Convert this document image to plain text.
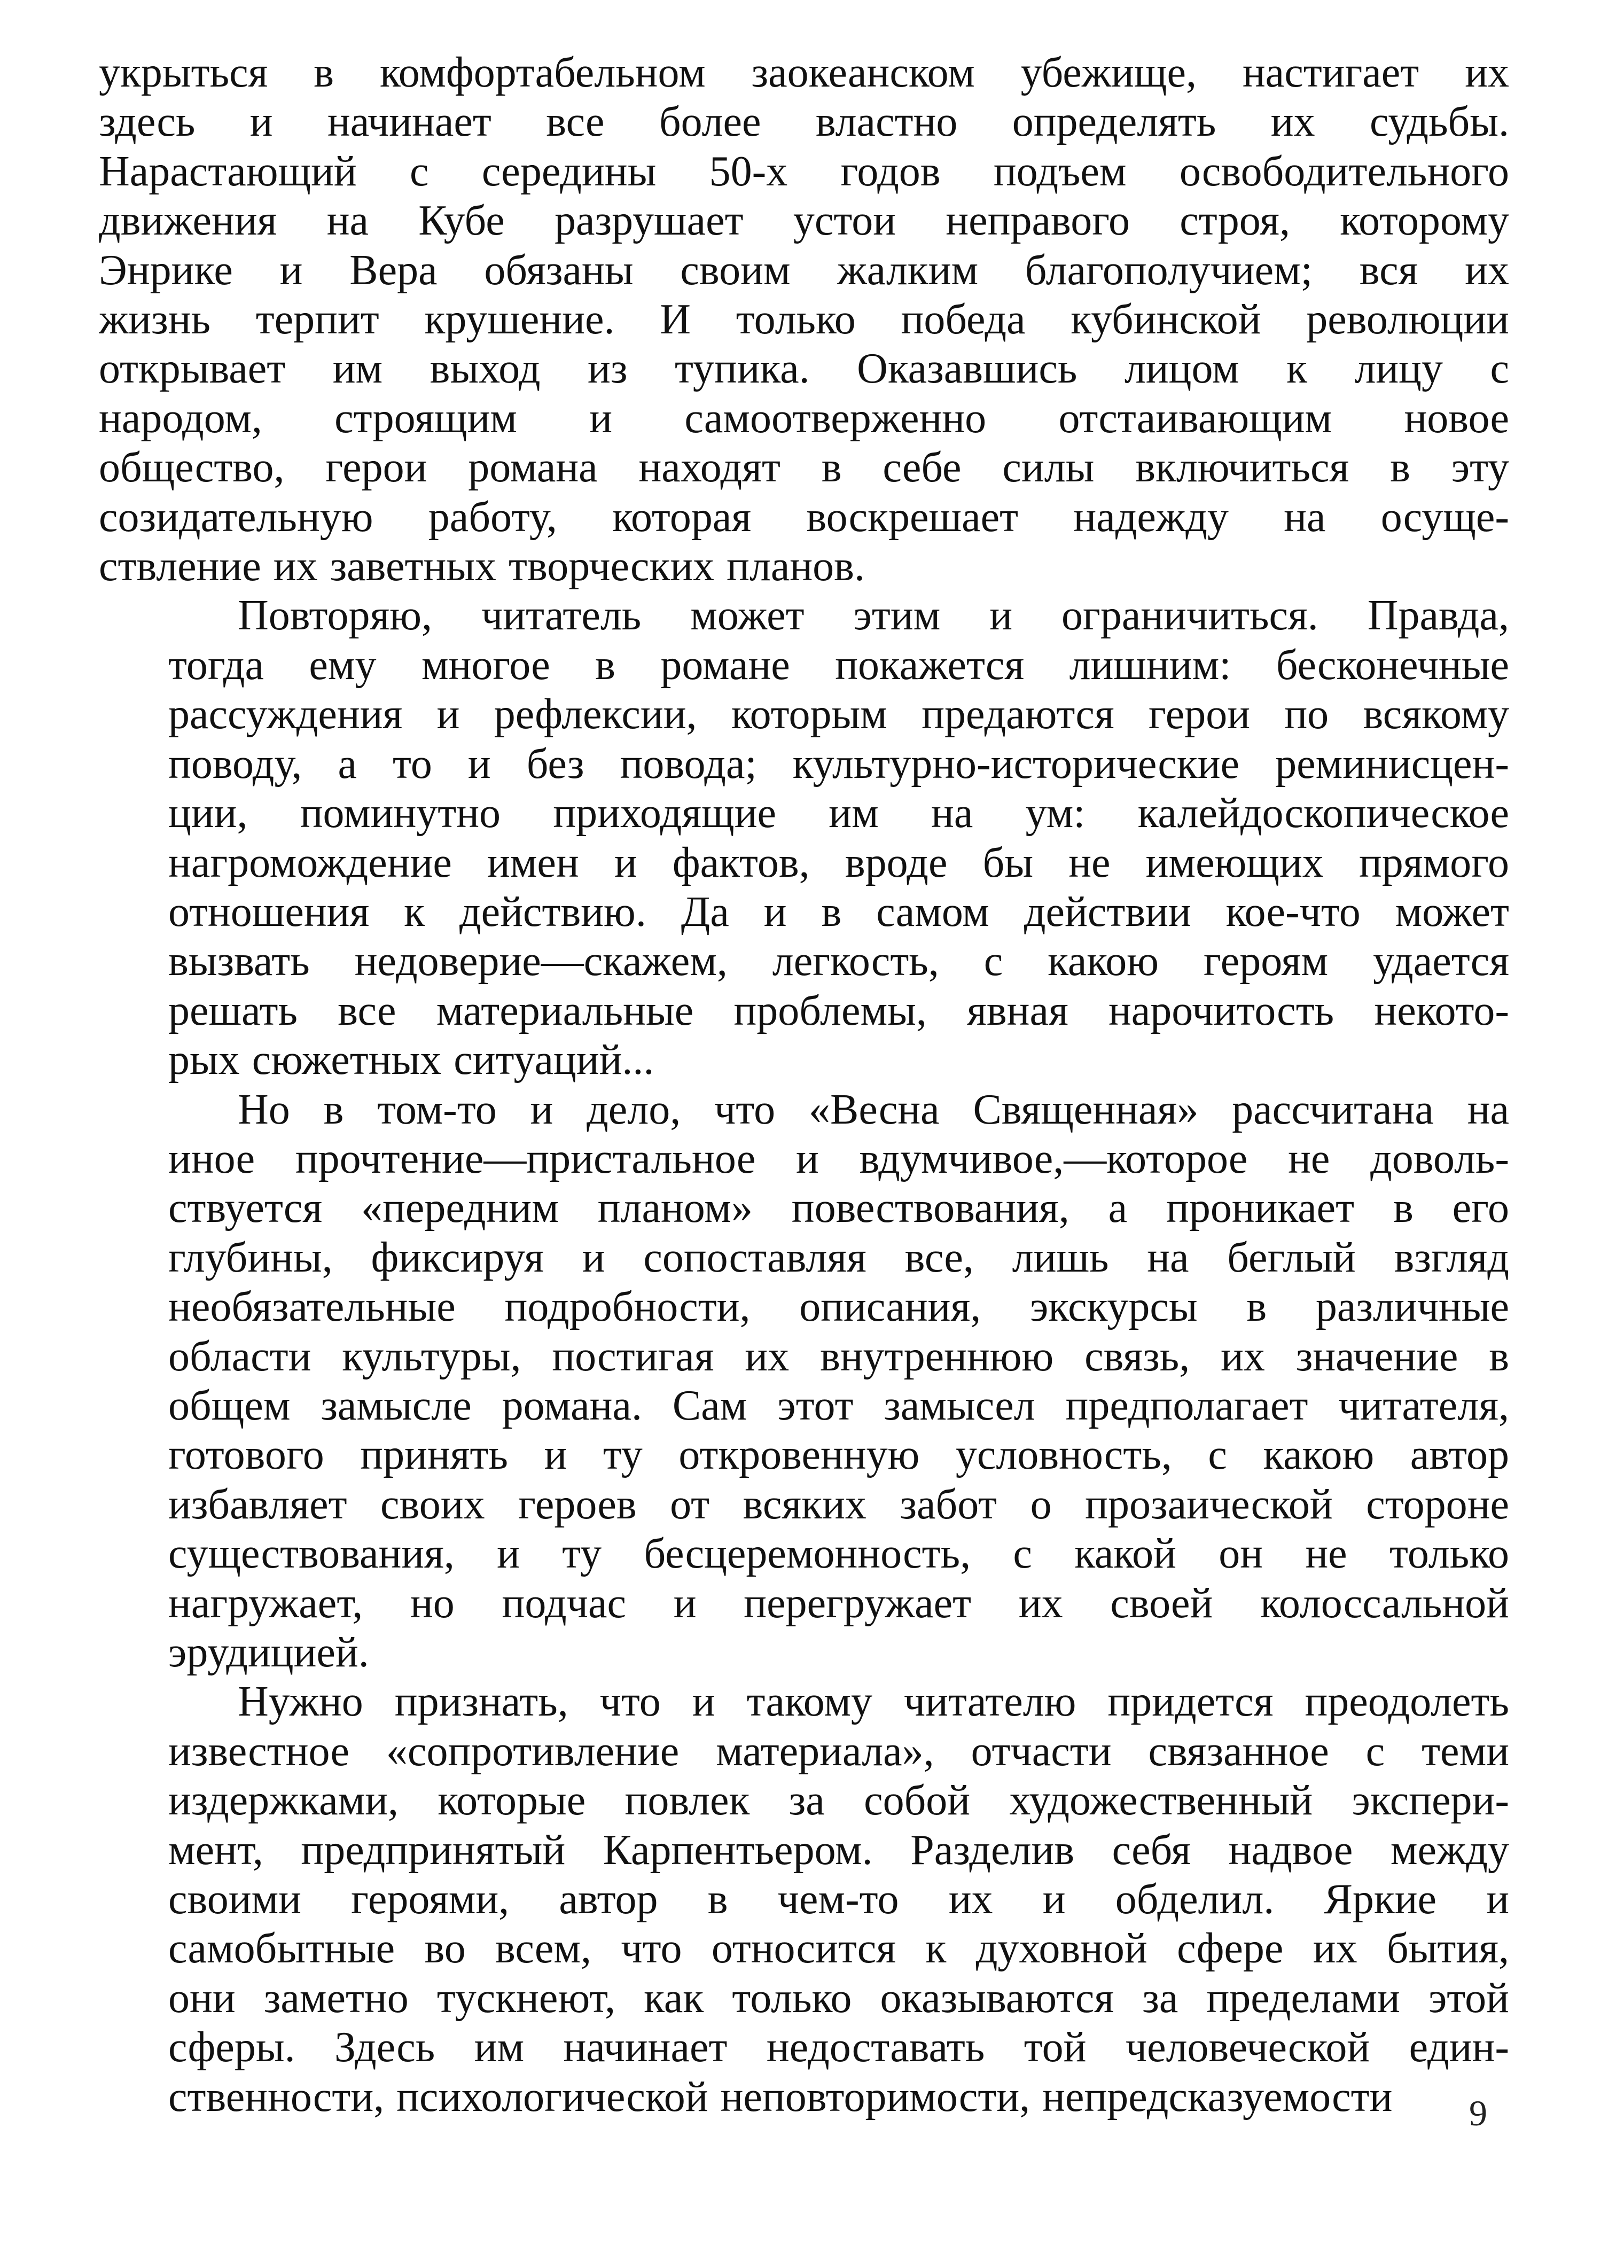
укрыться в комфортабельном заокеанском убежище, настигает их
здесь и начинает все более властно определять их судьбы.
Нарастающий с середины 50-х годов подъем освободительного
движения на Кубе разрушает устои неправого строя, которому
Энрике и Вера обязаны своим жалким благополучием; вся их
жизнь терпит крушение. И только победа кубинской революции
открывает им выход из тупика. Оказавшись лицом к лицу с
народом, строящим и самоотверженно отстаивающим новое
общество, герои романа находят в себе силы включиться в эту
созидательную работу, которая воскрешает надежду на осуще-
ствление их заветных творческих планов.

Повторяю, читатель может этим и ограничиться. Правда,
тогда ему многое в романе покажется лишним: бесконечные
рассуждения и рефлексии, которым предаются герои по всякому
поводу, а то и без повода; культурно-исторические реминисцен-
ции, поминутно приходящие им на ум: калейдоскопическое
нагромождение имен и фактов, вроде бы не имеющих прямого
отношения к действию. Да и в самом действии кое-что может
вызвать недоверие—скажем, легкость, с какою героям удается
решать все материальные проблемы, явная нарочитость некото-
рых сюжетных ситуаций...

Но в том-то и дело, что «Весна Священная» рассчитана на
иное прочтение—пристальное и вдумчивое,—которое не доволь-
ствуется «передним планом» повествования, а проникает в его
глубины, фиксируя и сопоставляя все, лишь на беглый взгляд
необязательные подробности, описания, экскурсы в различные
области культуры, постигая их внутреннюю связь, их значение в
общем замысле романа. Сам этот замысел предполагает читателя,
готового принять и ту откровенную условность, с какою автор
избавляет своих героев от всяких забот о прозаической стороне
существования, и ту бесцеремонность, с какой он не только
нагружает, но подчас и перегружает их своей колоссальной
эрудицией.

Нужно признать, что и такому читателю придется преодолеть
известное «сопротивление материала», отчасти связанное с теми
издержками, которые повлек за собой художественный экспери-
мент, предпринятый Карпентьером. Разделив себя надвое между
своими героями, автор в чем-то их и обделил. Яркие и
самобытные во всем, что относится к духовной сфере их бытия,
они заметно тускнеют, как только оказываются за пределами этой
сферы. Здесь им начинает недоставать той человеческой един-
ственности, психологической неповторимости, непредсказуемости	9
